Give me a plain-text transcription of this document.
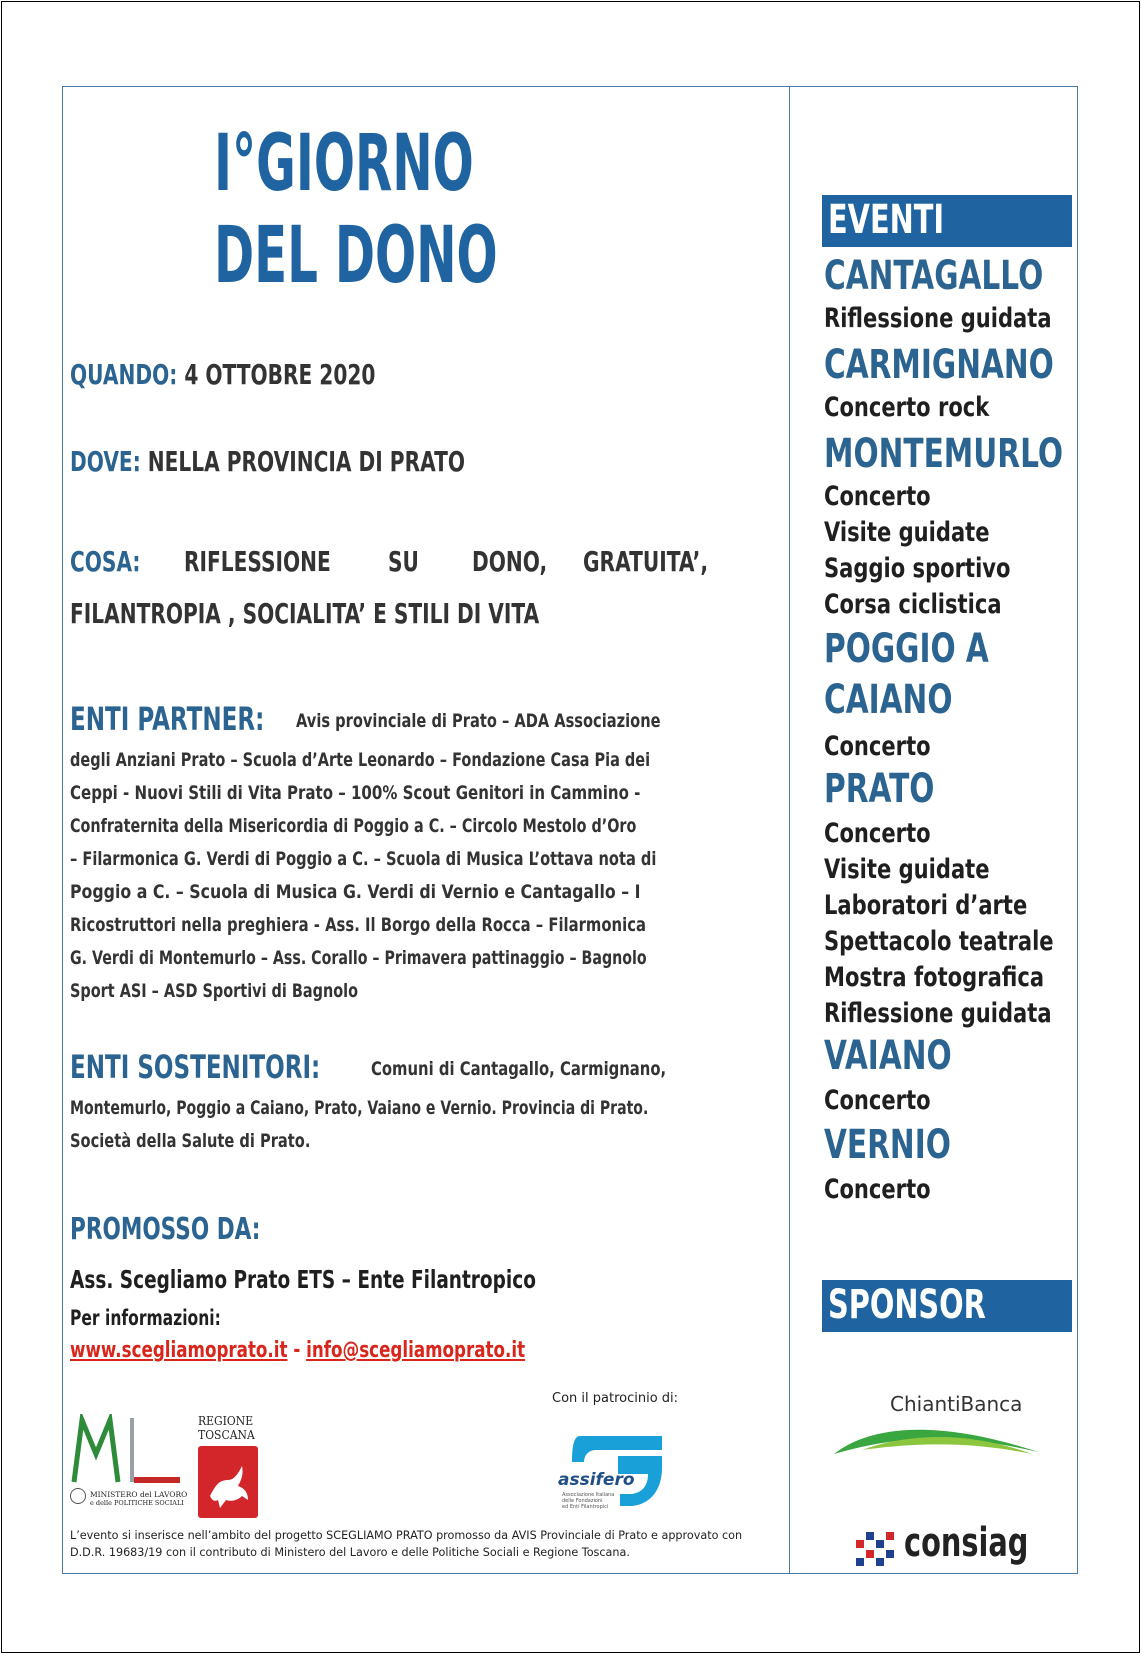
I°GIORNO
DEL DONO
QUANDO: 4 OTTOBRE 2020
DOVE: NELLA PROVINCIA DI PRATO
COSA: RIFLESSIONE SU DONO, GRATUITA’,
FILANTROPIA , SOCIALITA’ E STILI DI VITA
ENTI PARTNER: Avis provinciale di Prato – ADA Associazione
degli Anziani Prato – Scuola d’Arte Leonardo – Fondazione Casa Pia dei
Ceppi - Nuovi Stili di Vita Prato – 100% Scout Genitori in Cammino -
Confraternita della Misericordia di Poggio a C. – Circolo Mestolo d’Oro
– Filarmonica G. Verdi di Poggio a C. – Scuola di Musica L’ottava nota di
Poggio a C. – Scuola di Musica G. Verdi di Vernio e Cantagallo – I
Ricostruttori nella preghiera - Ass. Il Borgo della Rocca – Filarmonica
G. Verdi di Montemurlo – Ass. Corallo – Primavera pattinaggio – Bagnolo
Sport ASI – ASD Sportivi di Bagnolo
ENTI SOSTENITORI:	Comuni di Cantagallo, Carmignano,
Montemurlo, Poggio a Caiano, Prato, Vaiano e Vernio. Provincia di Prato.
Società della Salute di Prato.
PROMOSSO DA:
Ass. Scegliamo Prato ETS – Ente Filantropico
Per informazioni:
www.scegliamoprato.it - info@scegliamoprato.it
Con il patrocinio di:
MINISTERO del LAVORO
e delle POLITICHE SOCIALI
REGIONE
TOSCANA
assifero
Associazione Italiana
delle Fondazioni
ed Enti Filantropici
L’evento si inserisce nell’ambito del progetto SCEGLIAMO PRATO promosso da AVIS Provinciale di Prato e approvato con
D.D.R. 19683/19 con il contributo di Ministero del Lavoro e delle Politiche Sociali e Regione Toscana.
EVENTI
CANTAGALLO
Riflessione guidata
CARMIGNANO
Concerto rock
MONTEMURLO
Concerto
Visite guidate
Saggio sportivo
Corsa ciclistica
POGGIO A
CAIANO
Concerto
PRATO
Concerto
Visite guidate
Laboratori d’arte
Spettacolo teatrale
Mostra fotografica
Riflessione guidata
VAIANO
Concerto
VERNIO
Concerto
SPONSOR
ChiantiBanca
consiag
